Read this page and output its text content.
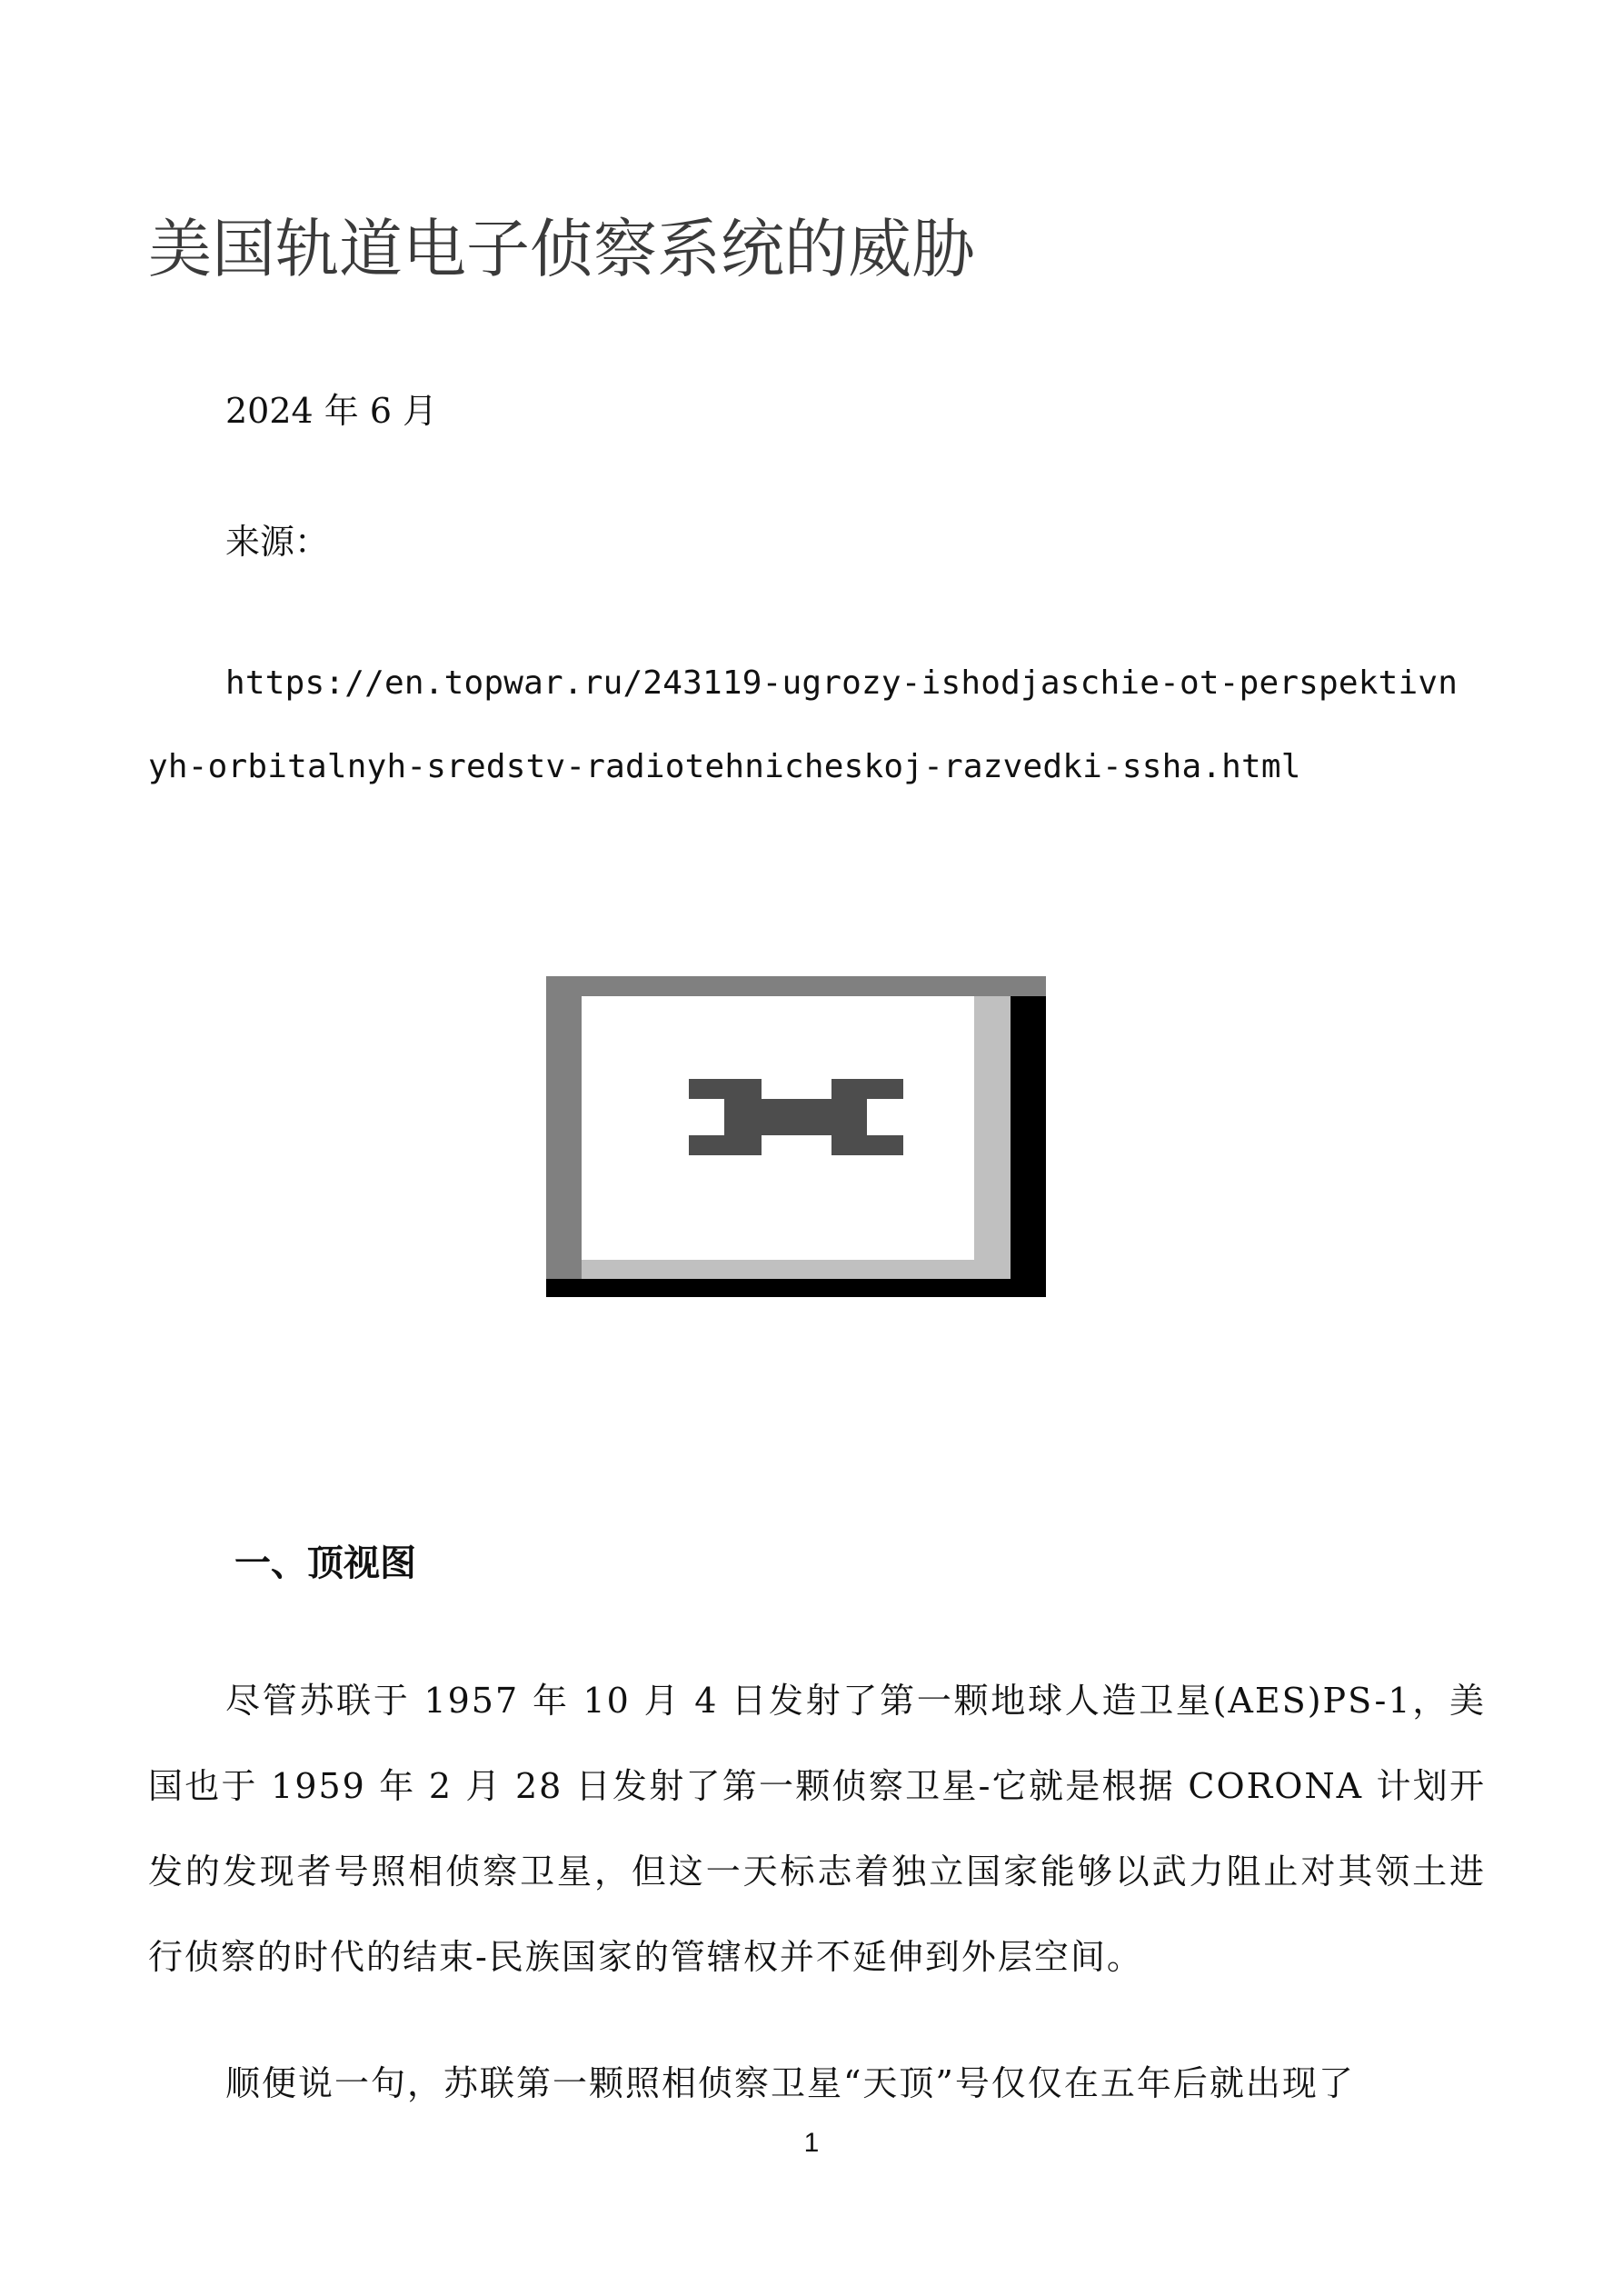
美国轨道电子侦察系统的威胁
2024 年 6 月
来源：

https://en.topwar.ru/243119-ugrozy-ishodjaschie-ot-perspektivnyh-orbitalnyh-sredstv-radiotehnicheskoj-razvedki-ssha.html

一、顶视图

尽管苏联于 1957 年 10 月 4 日发射了第一颗地球人造卫星(AES)PS-1，美国也于 1959 年 2 月 28 日发射了第一颗侦察卫星-它就是根据 CORONA 计划开发的发现者号照相侦察卫星，但这一天标志着独立国家能够以武力阻止对其领土进行侦察的时代的结束-民族国家的管辖权并不延伸到外层空间。

顺便说一句，苏联第一颗照相侦察卫星“天顶”号仅仅在五年后就出现了

1
